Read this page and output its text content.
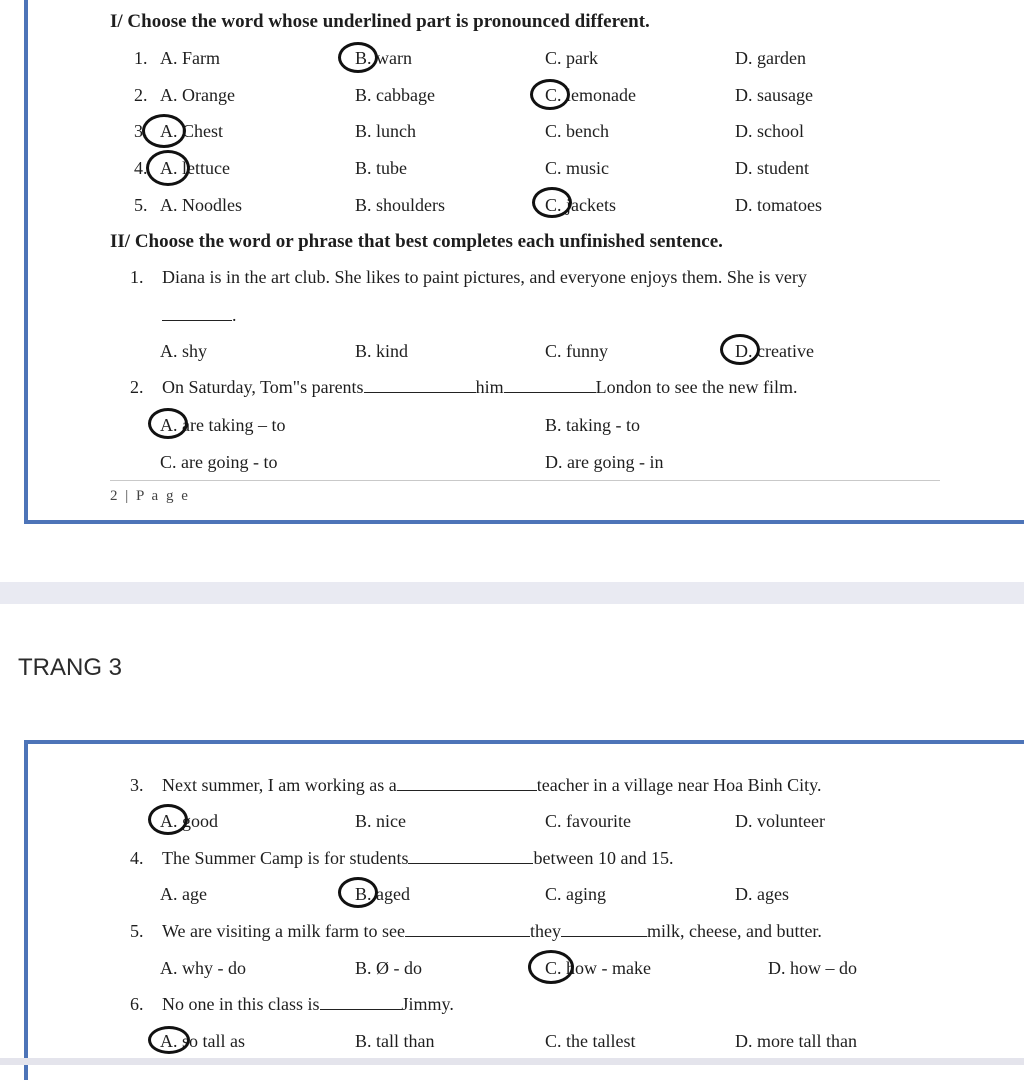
I/ Choose the word whose underlined part is pronounced different.
1. A. Farm	B. warn	C. park	D. garden
2. A. Orange	B. cabbage	C. lemonade	D. sausage
3. A. Chest	B. lunch	C. bench	D. school
4. A. lettuce	B. tube	C. music	D. student
5. A. Noodles	B. shoulders	C. jackets	D. tomatoes
II/ Choose the word or phrase that best completes each unfinished sentence.
1. Diana is in the art club. She likes to paint pictures, and everyone enjoys them. She is very
.
A. shy	B. kind	C. funny	D. creative
2. On Saturday, Tom"s parents	him	London to see the new film.
A. are taking – to	B. taking - to
C. are going - to	D. are going - in
2 | P a g e
TRANG 3
3. Next summer, I am working as a	teacher in a village near Hoa Binh City.
A. good	B. nice	C. favourite	D. volunteer
4. The Summer Camp is for students	between 10 and 15.
A. age	B. aged	C. aging	D. ages
5. We are visiting a milk farm to see	they	milk, cheese, and butter.
A. why - do	B. Ø - do	C. how - make	D. how – do
6. No one in this class is	Jimmy.
A. so tall as	B. tall than	C. the tallest	D. more tall than
